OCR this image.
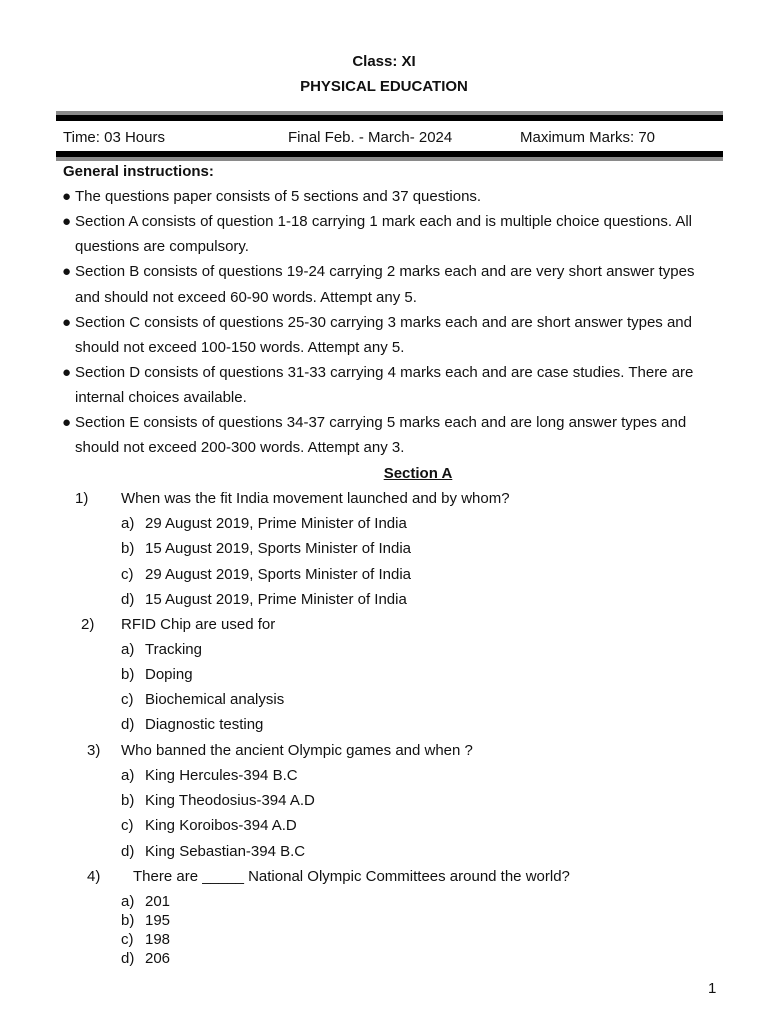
Class: XI
PHYSICAL EDUCATION
Time: 03 Hours	Final Feb. - March- 2024	Maximum Marks: 70
General instructions:
● The questions paper consists of 5 sections and 37 questions.
● Section A consists of question 1-18 carrying 1 mark each and is multiple choice questions. All
questions are compulsory.
● Section B consists of questions 19-24 carrying 2 marks each and are very short answer types
and should not exceed 60-90 words. Attempt any 5.
● Section C consists of questions 25-30 carrying 3 marks each and are short answer types and
should not exceed 100-150 words. Attempt any 5.
● Section D consists of questions 31-33 carrying 4 marks each and are case studies. There are
internal choices available.
● Section E consists of questions 34-37 carrying 5 marks each and are long answer types and
should not exceed 200-300 words. Attempt any 3.
Section A
1) When was the fit India movement launched and by whom?
a) 29 August 2019, Prime Minister of India
b) 15 August 2019, Sports Minister of India
c) 29 August 2019, Sports Minister of India
d) 15 August 2019, Prime Minister of India
2) RFID Chip are used for
a) Tracking
b) Doping
c) Biochemical analysis
d) Diagnostic testing
3) Who banned the ancient Olympic games and when ?
a) King Hercules-394 B.C
b) King Theodosius-394 A.D
c) King Koroibos-394 A.D
d) King Sebastian-394 B.C
4) There are _____ National Olympic Committees around the world?
a) 201
b) 195
c) 198
d) 206
1
